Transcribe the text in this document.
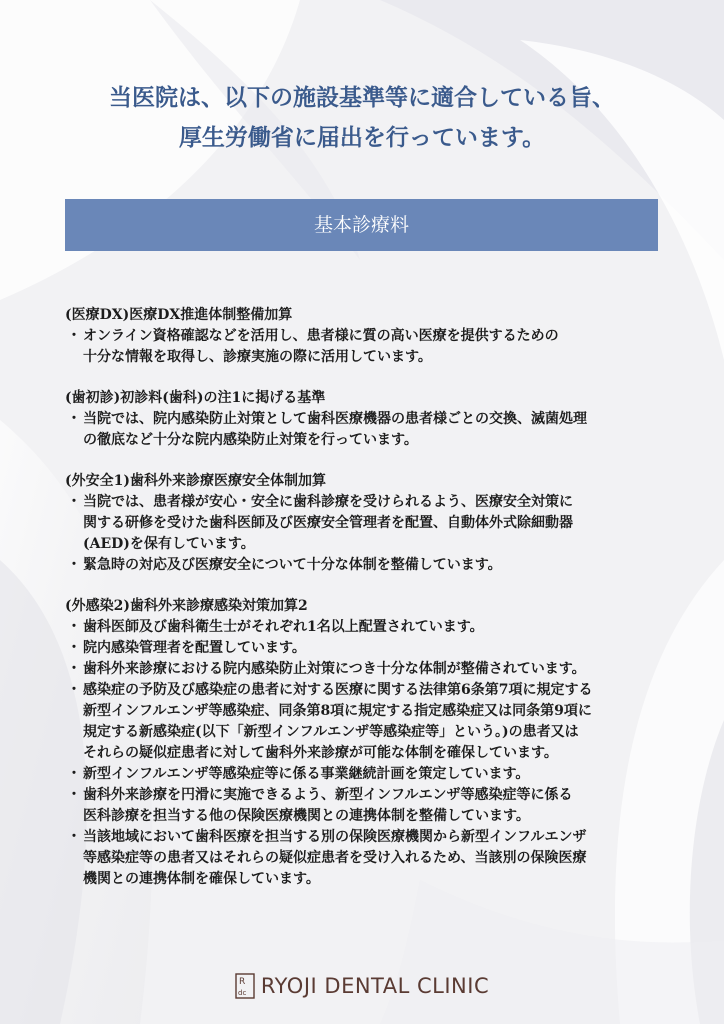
当医院は、以下の施設基準等に適合している旨、
厚生労働省に届出を行っています。
基本診療料
(医療DX)医療DX推進体制整備加算
・ オンライン資格確認などを活用し、患者様に質の高い医療を提供するための
十分な情報を取得し、診療実施の際に活用しています。
(歯初診)初診料(歯科)の注1に掲げる基準
・ 当院では、院内感染防止対策として歯科医療機器の患者様ごとの交換、滅菌処理
の徹底など十分な院内感染防止対策を行っています。
(外安全1)歯科外来診療医療安全体制加算
・ 当院では、患者様が安心・安全に歯科診療を受けられるよう、医療安全対策に
関する研修を受けた歯科医師及び医療安全管理者を配置、自動体外式除細動器
(AED)を保有しています。
・ 緊急時の対応及び医療安全について十分な体制を整備しています。
(外感染2)歯科外来診療感染対策加算2
・ 歯科医師及び歯科衛生士がそれぞれ1名以上配置されています。
・ 院内感染管理者を配置しています。
・ 歯科外来診療における院内感染防止対策につき十分な体制が整備されています。
・ 感染症の予防及び感染症の患者に対する医療に関する法律第6条第7項に規定する
新型インフルエンザ等感染症、同条第8項に規定する指定感染症又は同条第9項に
規定する新感染症(以下「新型インフルエンザ等感染症等」という。)の患者又は
それらの疑似症患者に対して歯科外来診療が可能な体制を確保しています。
・ 新型インフルエンザ等感染症等に係る事業継続計画を策定しています。
・ 歯科外来診療を円滑に実施できるよう、新型インフルエンザ等感染症等に係る
医科診療を担当する他の保険医療機関との連携体制を整備しています。
・ 当該地域において歯科医療を担当する別の保険医療機関から新型インフルエンザ
等感染症等の患者又はそれらの疑似症患者を受け入れるため、当該別の保険医療
機関との連携体制を確保しています。
R
dc RYOJI DENTAL CLINIC
